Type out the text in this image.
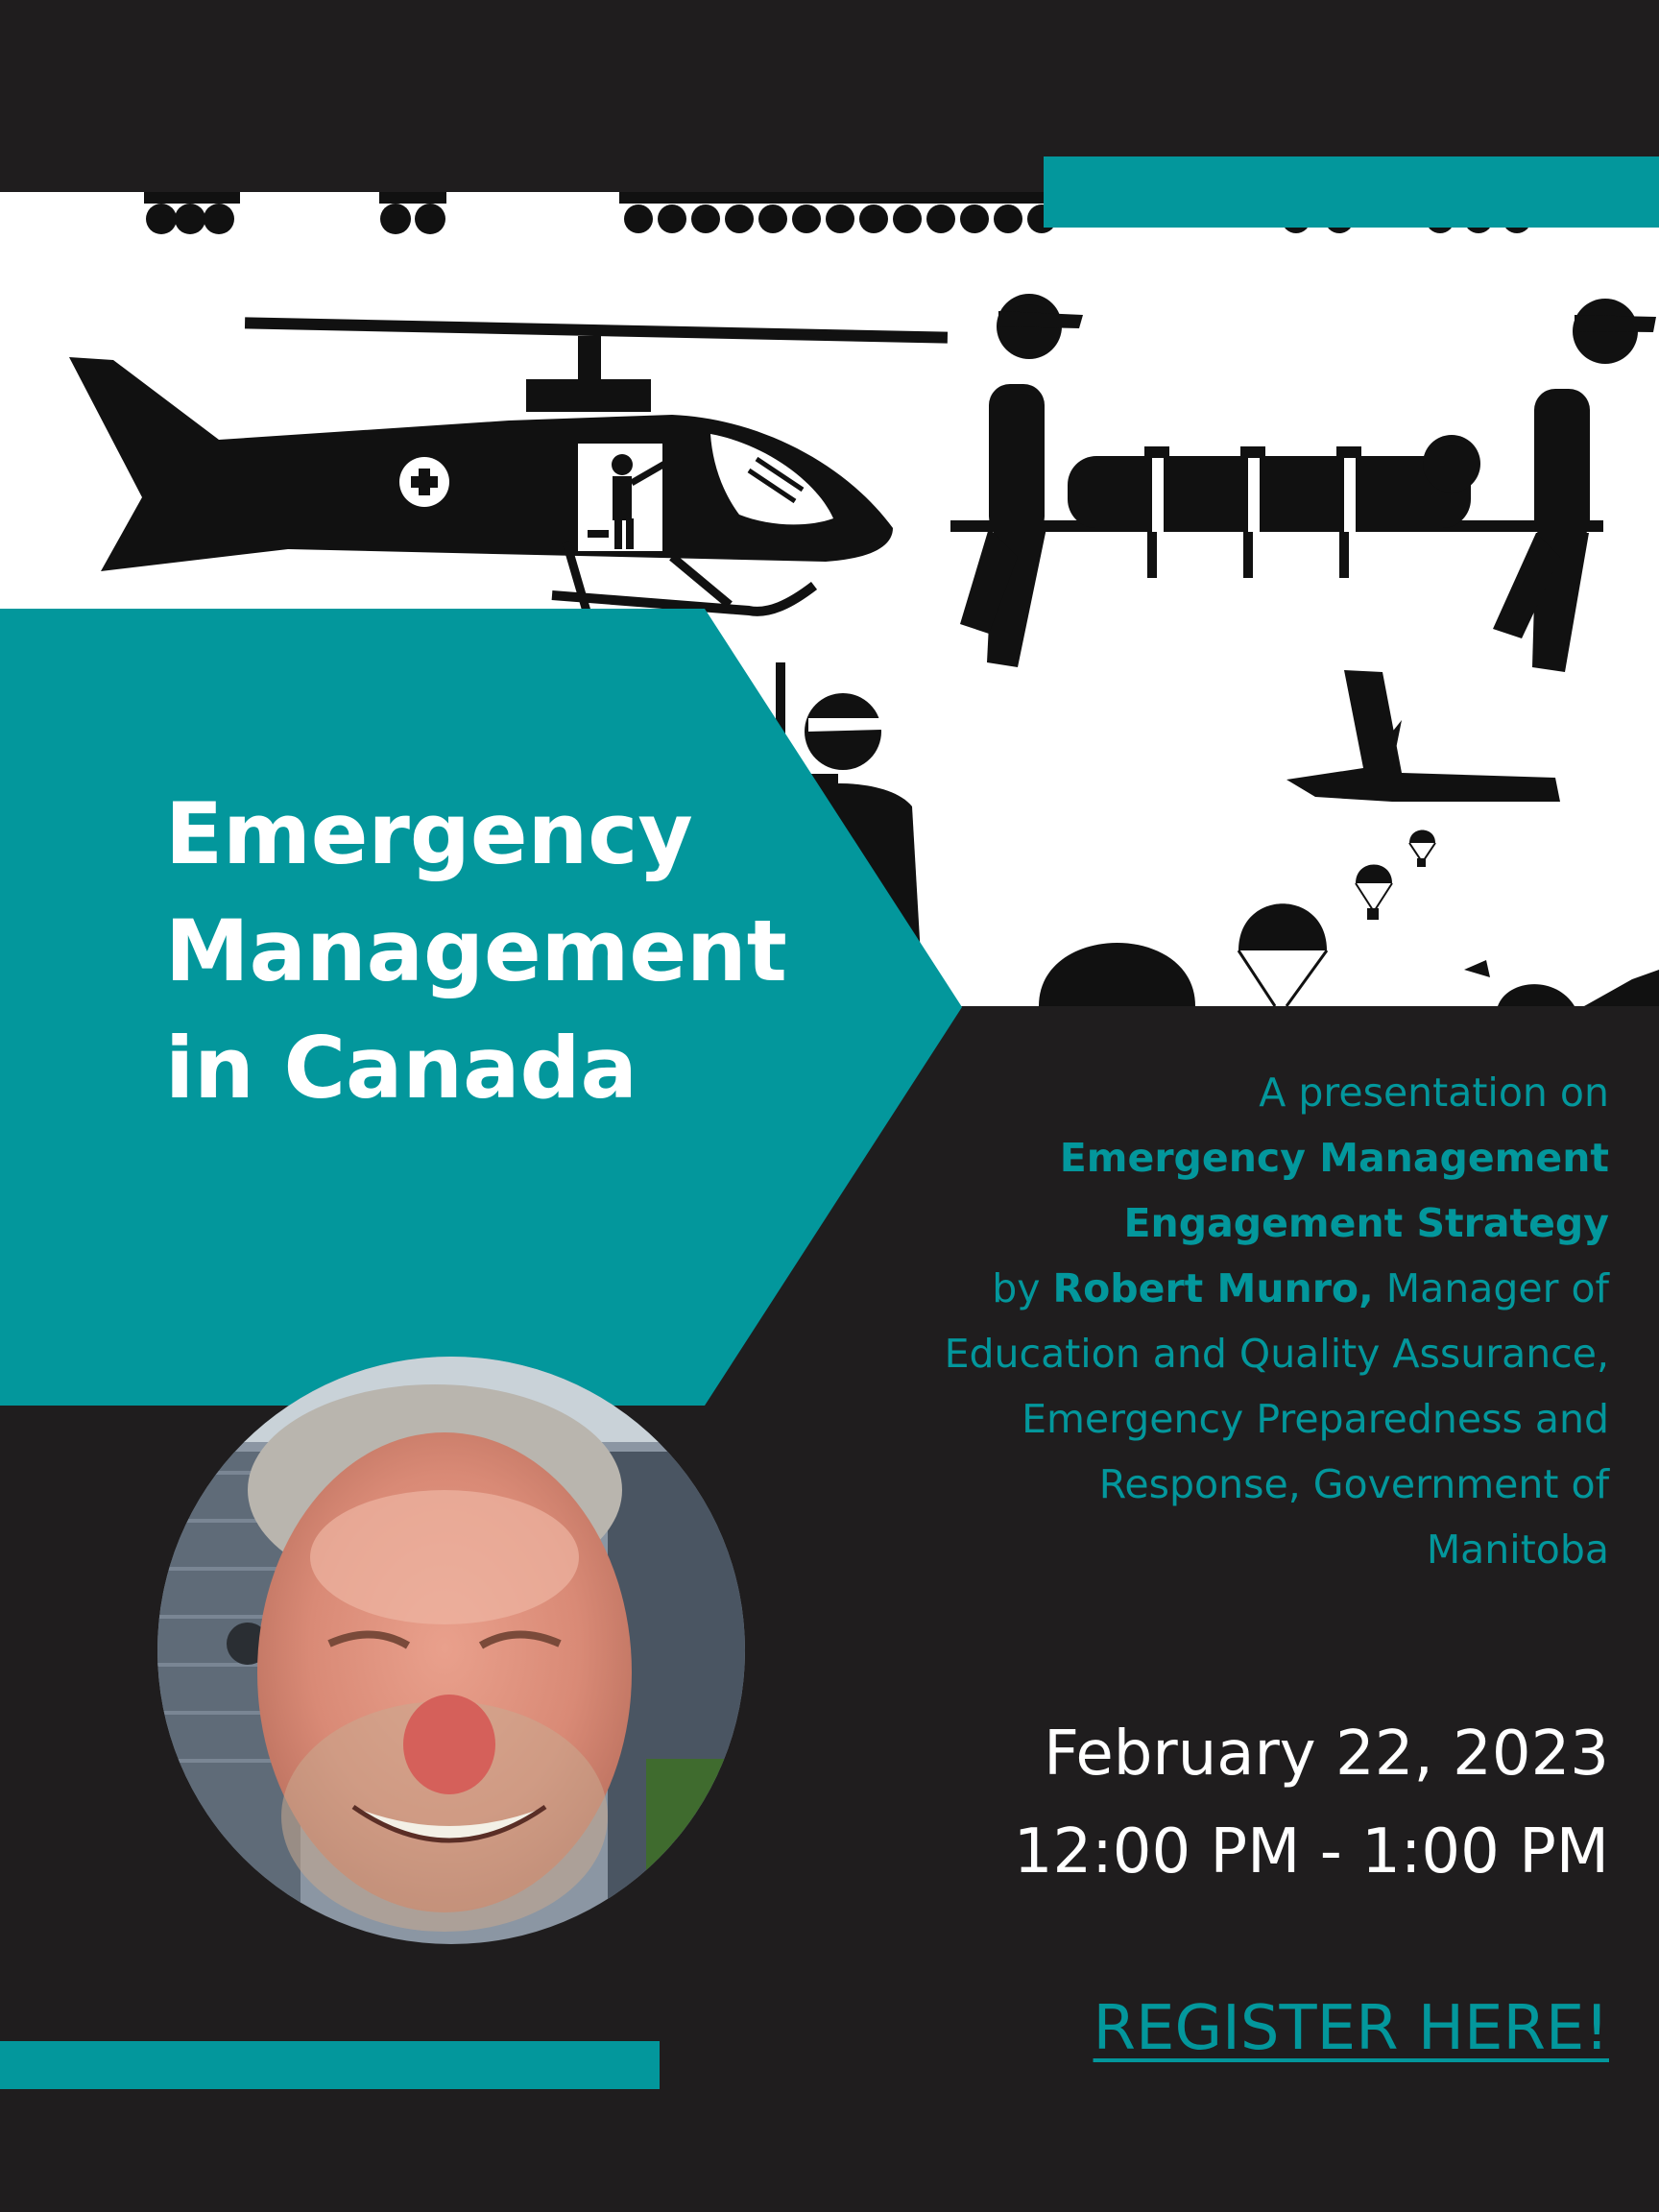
Emergency
Management
in Canada	A presentation on
Emergency Management
Engagement Strategy
by Robert Munro, Manager of
Education and Quality Assurance,
Emergency Preparedness and
Response, Government of
Manitoba
February 22, 2023
12:00 PM - 1:00 PM
REGISTER HERE!
